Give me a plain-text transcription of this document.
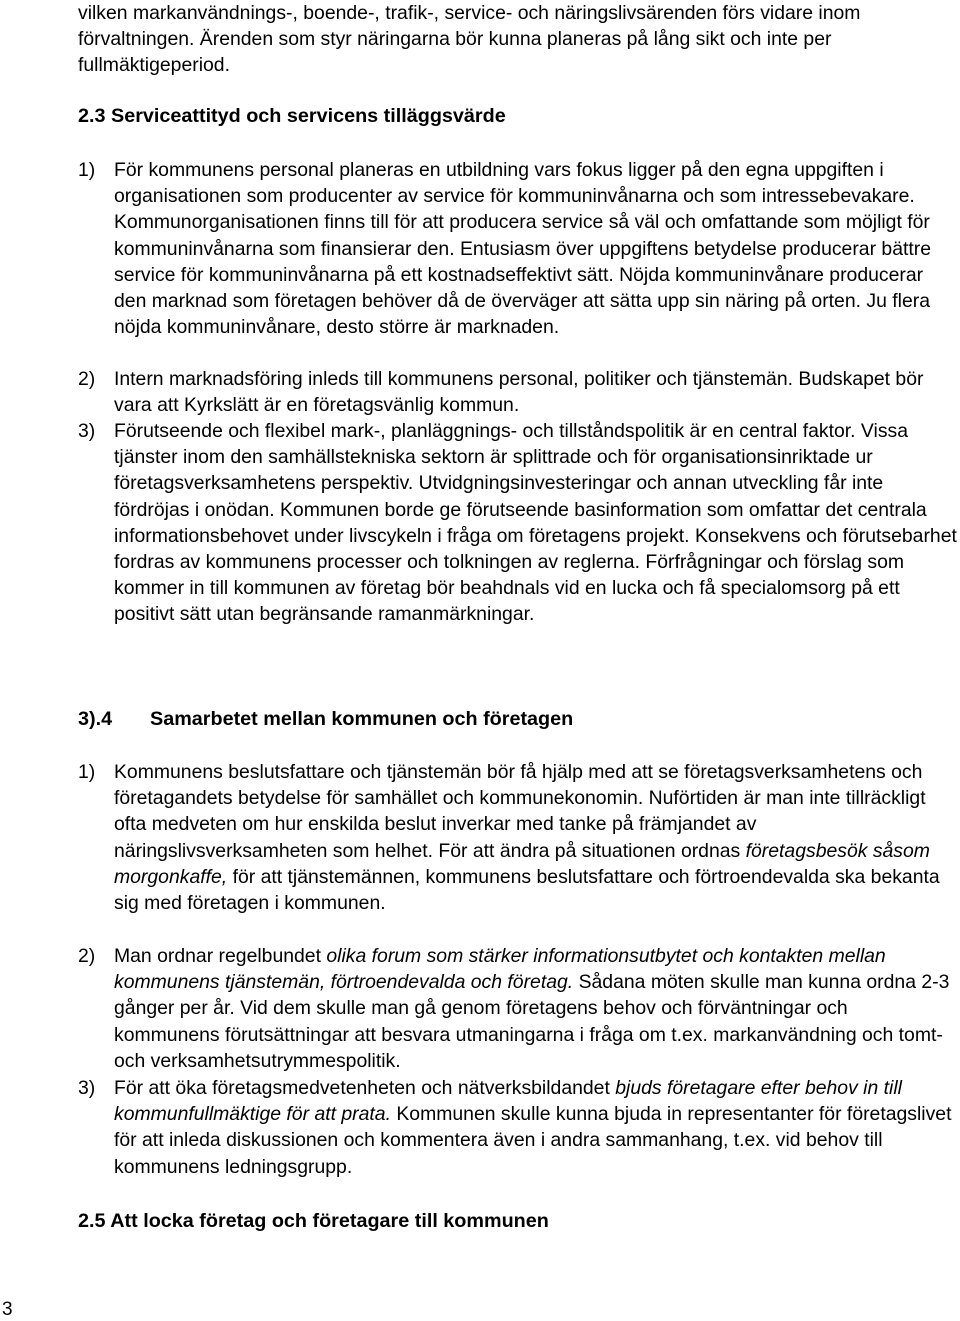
vilken markanvändnings-, boende-, trafik-, service- och näringslivsärenden förs vidare inom förvaltningen. Ärenden som styr näringarna bör kunna planeras på lång sikt och inte per fullmäktigeperiod.

2.3 Serviceattityd och servicens tilläggsvärde
1) För kommunens personal planeras en utbildning vars fokus ligger på den egna uppgiften i organisationen som producenter av service för kommuninvånarna och som intressebevakare. Kommunorganisationen finns till för att producera service så väl och omfattande som möjligt för kommuninvånarna som finansierar den. Entusiasm över uppgiftens betydelse producerar bättre service för kommuninvånarna på ett kostnadseffektivt sätt. Nöjda kommuninvånare producerar den marknad som företagen behöver då de överväger att sätta upp sin näring på orten. Ju flera nöjda kommuninvånare, desto större är marknaden.
2) Intern marknadsföring inleds till kommunens personal, politiker och tjänstemän. Budskapet bör vara att Kyrkslätt är en företagsvänlig kommun.
3) Förutseende och flexibel mark-, planläggnings- och tillståndspolitik är en central faktor. Vissa tjänster inom den samhällstekniska sektorn är splittrade och för organisationsinriktade ur företagsverksamhetens perspektiv. Utvidgningsinvesteringar och annan utveckling får inte fördröjas i onödan. Kommunen borde ge förutseende basinformation som omfattar det centrala informationsbehovet under livscykeln i fråga om företagens projekt. Konsekvens och förutsebarhet fordras av kommunens processer och tolkningen av reglerna. Förfrågningar och förslag som kommer in till kommunen av företag bör beahdnals vid en lucka och få specialomsorg på ett positivt sätt utan begränsande ramanmärkningar.
3).4 Samarbetet mellan kommunen och företagen
1) Kommunens beslutsfattare och tjänstemän bör få hjälp med att se företagsverksamhetens och företagandets betydelse för samhället och kommunekonomin. Nuförtiden är man inte tillräckligt ofta medveten om hur enskilda beslut inverkar med tanke på främjandet av näringslivsverksamheten som helhet. För att ändra på situationen ordnas företagsbesök såsom morgonkaffe, för att tjänstemännen, kommunens beslutsfattare och förtroendevalda ska bekanta sig med företagen i kommunen.
2) Man ordnar regelbundet olika forum som stärker informationsutbytet och kontakten mellan kommunens tjänstemän, förtroendevalda och företag. Sådana möten skulle man kunna ordna 2-3 gånger per år. Vid dem skulle man gå genom företagens behov och förväntningar och kommunens förutsättningar att besvara utmaningarna i fråga om t.ex. markanvändning och tomt- och verksamhetsutrymmespolitik.
3) För att öka företagsmedvetenheten och nätverksbildandet bjuds företagare efter behov in till kommunfullmäktige för att prata. Kommunen skulle kunna bjuda in representanter för företagslivet för att inleda diskussionen och kommentera även i andra sammanhang, t.ex. vid behov till kommunens ledningsgrupp.
2.5 Att locka företag och företagare till kommunen
3
